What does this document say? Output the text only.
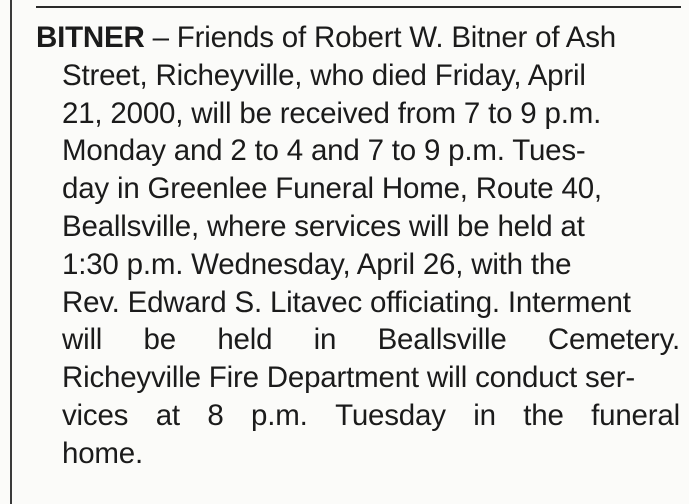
BITNER – Friends of Robert W. Bitner of Ash
Street, Richeyville, who died Friday, April
21, 2000, will be received from 7 to 9 p.m.
Monday and 2 to 4 and 7 to 9 p.m. Tues-
day in Greenlee Funeral Home, Route 40,
Beallsville, where services will be held at
1:30 p.m. Wednesday, April 26, with the
Rev. Edward S. Litavec officiating. Interment
will be held in Beallsville Cemetery.
Richeyville Fire Department will conduct ser-
vices at 8 p.m. Tuesday in the funeral
home.
